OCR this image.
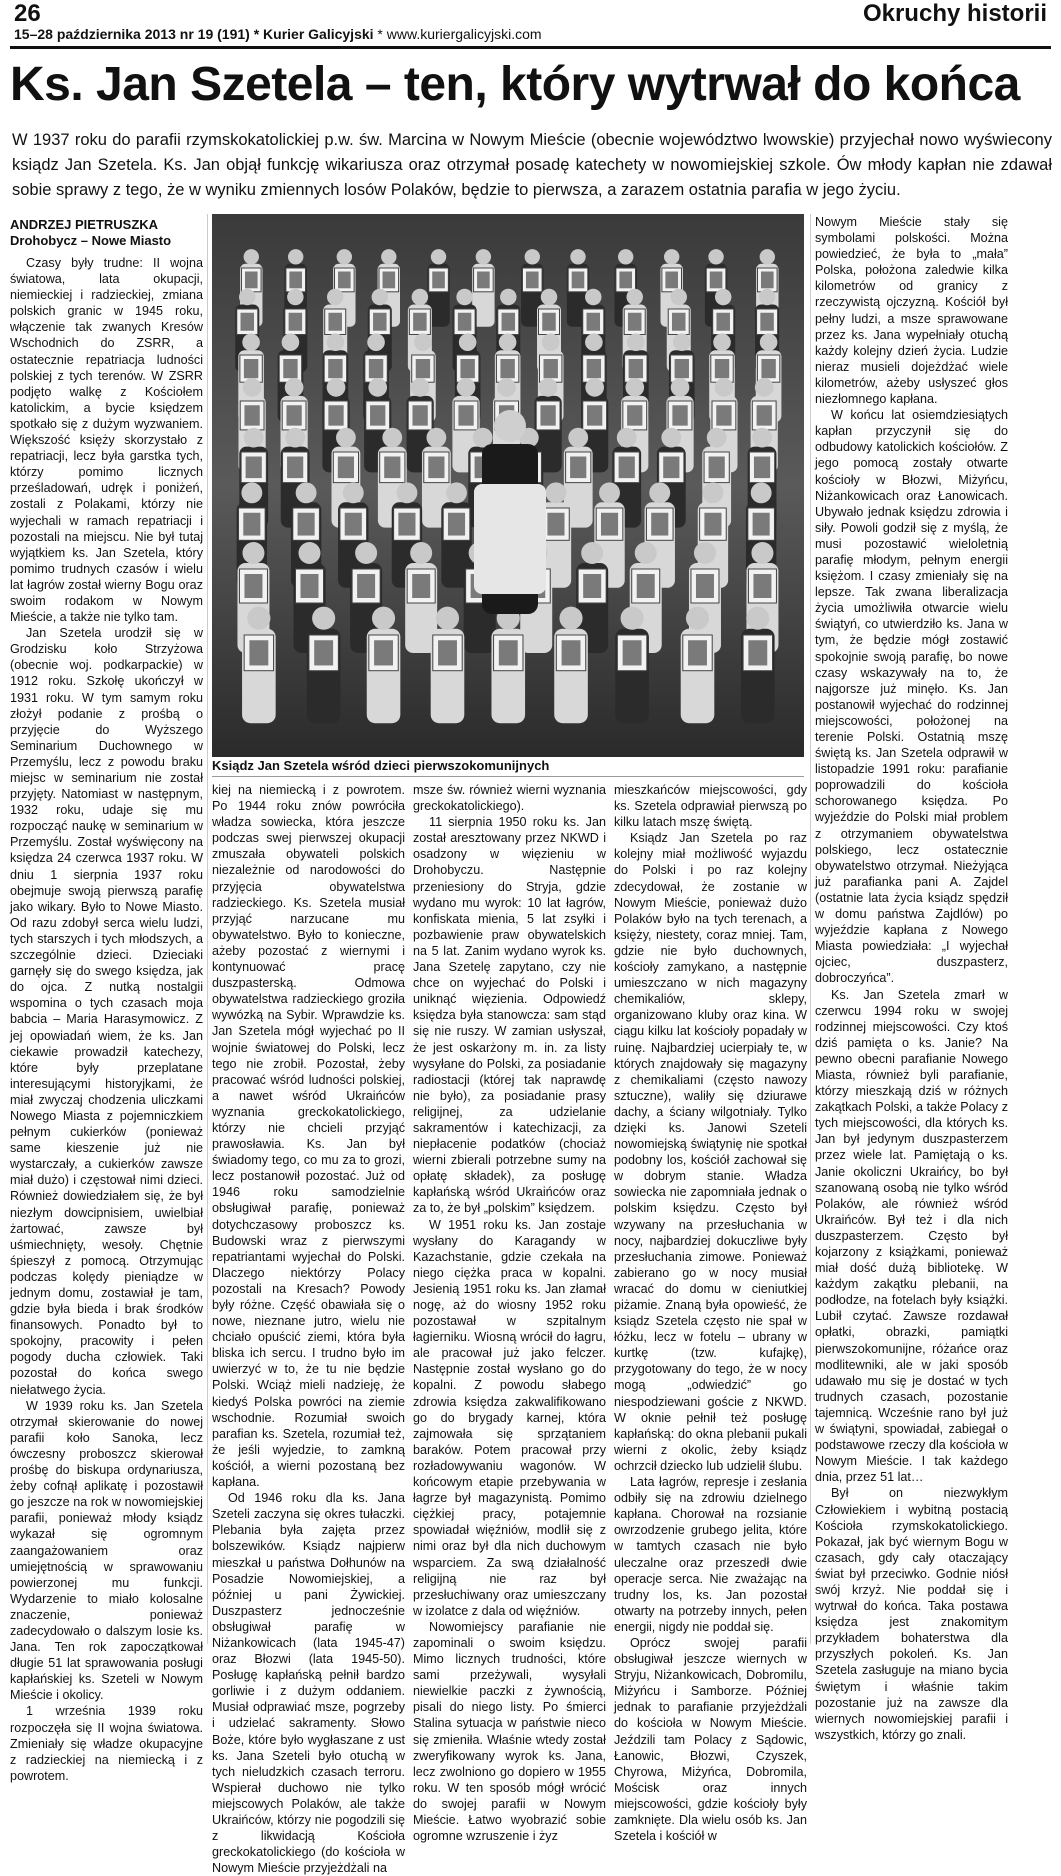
26
15–28 października 2013 nr 19 (191) * Kurier Galicyjski * www.kuriergalicyjski.com
Okruchy historii
Ks. Jan Szetela – ten, który wytrwał do końca
W 1937 roku do parafii rzymskokatolickiej p.w. św. Marcina w Nowym Mieście (obecnie województwo lwowskie) przyjechał nowo wyświecony ksiądz Jan Szetela. Ks. Jan objął funkcję wikariusza oraz otrzymał posadę katechety w nowomiejskiej szkole. Ów młody kapłan nie zdawał sobie sprawy z tego, że w wyniku zmiennych losów Polaków, będzie to pierwsza, a zarazem ostatnia parafia w jego życiu.
ANDRZEJ PIETRUSZKA
Drohobycz – Nowe Miasto

Czasy były trudne: II wojna światowa, lata okupacji, niemieckiej i radzieckiej, zmiana polskich granic w 1945 roku, włączenie tak zwanych Kresów Wschodnich do ZSRR, a ostatecznie repatriacja ludności polskiej z tych terenów. W ZSRR podjęto walkę z Kościołem katolickim, a bycie księdzem spotkało się z dużym wyzwaniem. Większość księży skorzystało z repatriacji, lecz była garstka tych, którzy pomimo licznych prześladowań, udręk i poniżeń, zostali z Polakami, którzy nie wyjechali w ramach repatriacji i pozostali na miejscu. Nie był tutaj wyjątkiem ks. Jan Szetela, który pomimo trudnych czasów i wielu lat łagrów został wierny Bogu oraz swoim rodakom w Nowym Mieście, a także nie tylko tam.

Jan Szetela urodził się w Grodzisku koło Strzyżowa (obecnie woj. podkarpackie) w 1912 roku. Szkołę ukończył w 1931 roku. W tym samym roku złożył podanie z prośbą o przyjęcie do Wyższego Seminarium Duchownego w Przemyślu, lecz z powodu braku miejsc w seminarium nie został przyjęty. Natomiast w następnym, 1932 roku, udaje się mu rozpocząć naukę w seminarium w Przemyślu. Został wyświęcony na księdza 24 czerwca 1937 roku. W dniu 1 sierpnia 1937 roku obejmuje swoją pierwszą parafię jako wikary. Było to Nowe Miasto. Od razu zdobył serca wielu ludzi, tych starszych i tych młodszych, a szczególnie dzieci. Dzieciaki garnęły się do swego księdza, jak do ojca. Z nutką nostalgii wspomina o tych czasach moja babcia – Maria Harasymowicz. Z jej opowiadań wiem, że ks. Jan ciekawie prowadził katechezy, które były przeplatane interesującymi historyjkami, że miał zwyczaj chodzenia uliczkami Nowego Miasta z pojemniczkiem pełnym cukierków (ponieważ same kieszenie już nie wystarczały, a cukierków zawsze miał dużo) i częstował nimi dzieci. Również dowiedziałem się, że był niezłym dowcipnisiem, uwielbiał żartować, zawsze był uśmiechnięty, wesoły. Chętnie śpieszył z pomocą. Otrzymując podczas kolędy pieniądze w jednym domu, zostawiał je tam, gdzie była bieda i brak środków finansowych. Ponadto był to spokojny, pracowity i pełen pogody ducha człowiek. Taki pozostał do końca swego niełatwego życia.

W 1939 roku ks. Jan Szetela otrzymał skierowanie do nowej parafii koło Sanoka, lecz ówczesny proboszcz skierował prośbę do biskupa ordynariusza, żeby cofnął aplikatę i pozostawił go jeszcze na rok w nowomiejskiej parafii, ponieważ młody ksiądz wykazał się ogromnym zaangażowaniem oraz umiejętnością w sprawowaniu powierzonej mu funkcji. Wydarzenie to miało kolosalne znaczenie, ponieważ zadecydowało o dalszym losie ks. Jana. Ten rok zapoczątkował długie 51 lat sprawowania posługi kapłańskiej ks. Szeteli w Nowym Mieście i okolicy.

1 września 1939 roku rozpoczęła się II wojna światowa. Zmieniały się władze okupacyjne z radzieckiej na niemiecką i z powrotem.

Ksiądz Jan Szetela wśród dzieci pierwszokomunijnych

kiej na niemiecką i z powrotem. Po 1944 roku znów powróciła władza sowiecka, która jeszcze podczas swej pierwszej okupacji zmuszała obywateli polskich niezależnie od narodowości do przyjęcia obywatelstwa radzieckiego. Ks. Szetela musiał przyjąć narzucane mu obywatelstwo. Było to konieczne, ażeby pozostać z wiernymi i kontynuować pracę duszpasterską. Odmowa obywatelstwa radzieckiego groziła wywózką na Sybir. Wprawdzie ks. Jan Szetela mógł wyjechać po II wojnie światowej do Polski, lecz tego nie zrobił. Pozostał, żeby pracować wśród ludności polskiej, a nawet wśród Ukraińców wyznania greckokatolickiego, którzy nie chcieli przyjąć prawosławia. Ks. Jan był świadomy tego, co mu za to grozi, lecz postanowił pozostać. Już od 1946 roku samodzielnie obsługiwał parafię, ponieważ dotychczasowy proboszcz ks. Budowski wraz z pierwszymi repatriantami wyjechał do Polski. Dlaczego niektórzy Polacy pozostali na Kresach? Powody były różne. Część obawiała się o nowe, nieznane jutro, wielu nie chciało opuścić ziemi, która była bliska ich sercu. I trudno było im uwierzyć w to, że tu nie będzie Polski. Wciąż mieli nadzieję, że kiedyś Polska powróci na ziemie wschodnie. Rozumiał swoich parafian ks. Szetela, rozumiał też, że jeśli wyjedzie, to zamkną kościół, a wierni pozostaną bez kapłana.

Od 1946 roku dla ks. Jana Szeteli zaczyna się okres tułaczki. Plebania była zajęta przez bolszewików. Ksiądz najpierw mieszkał u państwa Dołhunów na Posadzie Nowomiejskiej, a później u pani Żywickiej. Duszpasterz jednocześnie obsługiwał parafię w Niżankowicach (lata 1945-47) oraz Błozwi (lata 1945-50). Posługę kapłańską pełnił bardzo gorliwie i z dużym oddaniem. Musiał odprawiać msze, pogrzeby i udzielać sakramenty. Słowo Boże, które było wygłaszane z ust ks. Jana Szeteli było otuchą w tych nieludzkich czasach terroru. Wspierał duchowo nie tylko miejscowych Polaków, ale także Ukraińców, którzy nie pogodzili się z likwidacją Kościoła greckokatolickiego (do kościoła w Nowym Mieście przyjeżdżali na

msze św. również wierni wyznania greckokatolickiego).

11 sierpnia 1950 roku ks. Jan został aresztowany przez NKWD i osadzony w więzieniu w Drohobyczu. Następnie przeniesiony do Stryja, gdzie wydano mu wyrok: 10 lat łagrów, konfiskata mienia, 5 lat zsyłki i pozbawienie praw obywatelskich na 5 lat. Zanim wydano wyrok ks. Jana Szetelę zapytano, czy nie chce on wyjechać do Polski i uniknąć więzienia. Odpowiedź księdza była stanowcza: sam stąd się nie ruszy. W zamian usłyszał, że jest oskarżony m. in. za listy wysyłane do Polski, za posiadanie radiostacji (której tak naprawdę nie było), za posiadanie prasy religijnej, za udzielanie sakramentów i katechizacji, za niepłacenie podatków (chociaż wierni zbierali potrzebne sumy na opłatę składek), za posługę kapłańską wśród Ukraińców oraz za to, że był „polskim” księdzem.

W 1951 roku ks. Jan zostaje wysłany do Karagandy w Kazachstanie, gdzie czekała na niego ciężka praca w kopalni. Jesienią 1951 roku ks. Jan złamał nogę, aż do wiosny 1952 roku pozostawał w szpitalnym łagierniku. Wiosną wrócił do łagru, ale pracował już jako felczer. Następnie został wysłano go do kopalni. Z powodu słabego zdrowia księdza zakwalifikowano go do brygady karnej, która zajmowała się sprzątaniem baraków. Potem pracował przy rozładowywaniu wagonów. W końcowym etapie przebywania w łagrze był magazynistą. Pomimo ciężkiej pracy, potajemnie spowiadał więźniów, modlił się z nimi oraz był dla nich duchowym wsparciem. Za swą działalność religijną nie raz był przesłuchiwany oraz umieszczany w izolatce z dala od więźniów.

Nowomiejscy parafianie nie zapominali o swoim księdzu. Mimo licznych trudności, które sami przeżywali, wysyłali niewielkie paczki z żywnością, pisali do niego listy. Po śmierci Stalina sytuacja w państwie nieco się zmieniła. Właśnie wtedy został zweryfikowany wyrok ks. Jana, lecz zwolniono go dopiero w 1955 roku. W ten sposób mógł wrócić do swojej parafii w Nowym Mieście. Łatwo wyobrazić sobie ogromne wzruszenie i żyz

mieszkańców miejscowości, gdy ks. Szetela odprawiał pierwszą po kilku latach mszę świętą.

Ksiądz Jan Szetela po raz kolejny miał możliwość wyjazdu do Polski i po raz kolejny zdecydował, że zostanie w Nowym Mieście, ponieważ dużo Polaków było na tych terenach, a księży, niestety, coraz mniej. Tam, gdzie nie było duchownych, kościoły zamykano, a następnie umieszczano w nich magazyny chemikaliów, sklepy, organizowano kluby oraz kina. W ciągu kilku lat kościoły popadały w ruinę. Najbardziej ucierpiały te, w których znajdowały się magazyny z chemikaliami (często nawozy sztuczne), waliły się dziurawe dachy, a ściany wilgotniały. Tylko dzięki ks. Janowi Szeteli nowomiejską świątynię nie spotkał podobny los, kościół zachował się w dobrym stanie. Władza sowiecka nie zapomniała jednak o polskim księdzu. Często był wzywany na przesłuchania w nocy, najbardziej dokuczliwe były przesłuchania zimowe. Ponieważ zabierano go w nocy musiał wracać do domu w cieniutkiej piżamie. Znaną była opowieść, że ksiądz Szetela często nie spał w łóżku, lecz w fotelu – ubrany w kurtkę (tzw. kufajkę), przygotowany do tego, że w nocy mogą „odwiedzić” go niespodziewani goście z NKWD. W oknie pełnił też posługę kapłańską: do okna plebanii pukali wierni z okolic, żeby ksiądz ochrzcił dziecko lub udzielił ślubu.

Lata łagrów, represje i zesłania odbiły się na zdrowiu dzielnego kapłana. Chorował na rozsianie owrzodzenie grubego jelita, które w tamtych czasach nie było uleczalne oraz przeszedł dwie operacje serca. Nie zważając na trudny los, ks. Jan pozostał otwarty na potrzeby innych, pełen energii, nigdy nie poddał się.

Oprócz swojej parafii obsługiwał jeszcze wiernych w Stryju, Niżankowicach, Dobromilu, Miżyńcu i Samborze. Później jednak to parafianie przyjeżdżali do kościoła w Nowym Mieście. Jeździli tam Polacy z Sądowic, Łanowic, Błozwi, Czyszek, Chyrowa, Miżyńca, Dobromila, Mościsk oraz innych miejscowości, gdzie kościoły były zamknięte. Dla wielu osób ks. Jan Szetela i kościół w

Nowym Mieście stały się symbolami polskości. Można powiedzieć, że była to „mała” Polska, położona zaledwie kilka kilometrów od granicy z rzeczywistą ojczyzną. Kościół był pełny ludzi, a msze sprawowane przez ks. Jana wypełniały otuchą każdy kolejny dzień życia. Ludzie nieraz musieli dojeżdżać wiele kilometrów, ażeby usłyszeć głos niezłomnego kapłana.

W końcu lat osiemdziesiątych kapłan przyczynił się do odbudowy katolickich kościołów. Z jego pomocą zostały otwarte kościoły w Błozwi, Miżyńcu, Niżankowicach oraz Łanowicach. Ubywało jednak księdzu zdrowia i siły. Powoli godził się z myślą, że musi pozostawić wieloletnią parafię młodym, pełnym energii księżom. I czasy zmieniały się na lepsze. Tak zwana liberalizacja życia umożliwiła otwarcie wielu świątyń, co utwierdziło ks. Jana w tym, że będzie mógł zostawić spokojnie swoją parafię, bo nowe czasy wskazywały na to, że najgorsze już minęło. Ks. Jan postanowił wyjechać do rodzinnej miejscowości, położonej na terenie Polski. Ostatnią mszę świętą ks. Jan Szetela odprawił w listopadzie 1991 roku: parafianie poprowadzili do kościoła schorowanego księdza. Po wyjeździe do Polski miał problem z otrzymaniem obywatelstwa polskiego, lecz ostatecznie obywatelstwo otrzymał. Nieżyjąca już parafianka pani A. Zajdel (ostatnie lata życia ksiądz spędził w domu państwa Zajdlów) po wyjeździe kapłana z Nowego Miasta powiedziała: „I wyjechał ojciec, duszpasterz, dobroczyńca”.

Ks. Jan Szetela zmarł w czerwcu 1994 roku w swojej rodzinnej miejscowości. Czy ktoś dziś pamięta o ks. Janie? Na pewno obecni parafianie Nowego Miasta, również byli parafianie, którzy mieszkają dziś w różnych zakątkach Polski, a także Polacy z tych miejscowości, dla których ks. Jan był jedynym duszpasterzem przez wiele lat. Pamiętają o ks. Janie okoliczni Ukraińcy, bo był szanowaną osobą nie tylko wśród Polaków, ale również wśród Ukraińców. Był też i dla nich duszpasterzem. Często był kojarzony z książkami, ponieważ miał dość dużą bibliotekę. W każdym zakątku plebanii, na podłodze, na fotelach były książki. Lubił czytać. Zawsze rozdawał opłatki, obrazki, pamiątki pierwszokomunijne, różańce oraz modlitewniki, ale w jaki sposób udawało mu się je dostać w tych trudnych czasach, pozostanie tajemnicą. Wcześnie rano był już w świątyni, spowiadał, zabiegał o podstawowe rzeczy dla kościoła w Nowym Mieście. I tak każdego dnia, przez 51 lat…

Był on niezwykłym Człowiekiem i wybitną postacią Kościoła rzymskokatolickiego. Pokazał, jak być wiernym Bogu w czasach, gdy cały otaczający świat był przeciwko. Godnie niósł swój krzyż. Nie poddał się i wytrwał do końca. Taka postawa księdza jest znakomitym przykładem bohaterstwa dla przyszłych pokoleń. Ks. Jan Szetela zasługuje na miano bycia świętym i właśnie takim pozostanie już na zawsze dla wiernych nowomiejskiej parafii i wszystkich, którzy go znali.
